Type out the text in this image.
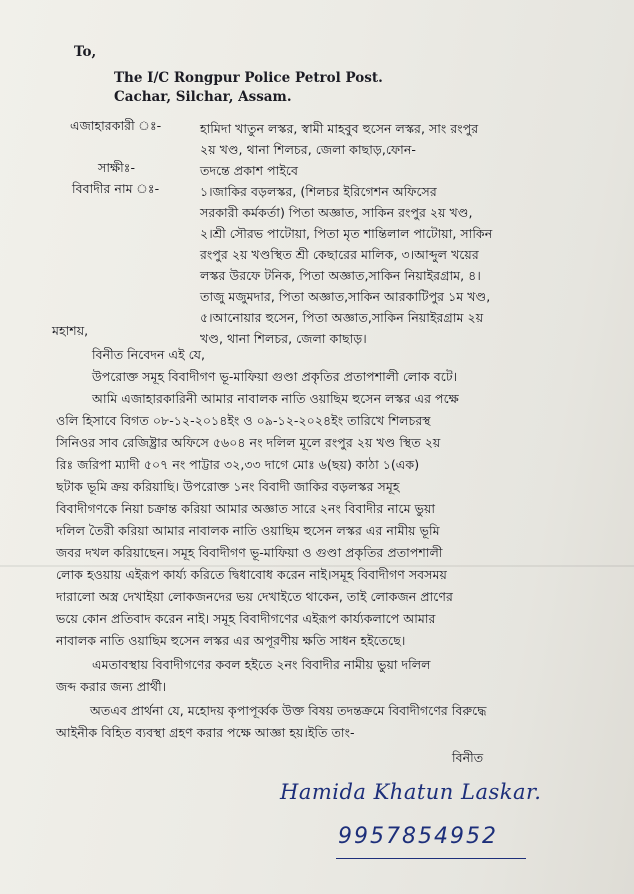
To,
The I/C Rongpur Police Petrol Post.
Cachar, Silchar, Assam.
এজাহারকারী ঃ-	হামিদা খাতুন লস্কর, স্বামী মাহবুব হুসেন লস্কর, সাং রংপুর
২য় খণ্ড, থানা শিলচর, জেলা কাছাড়,ফোন-
সাক্ষীঃ-	তদন্তে প্রকাশ পাইবে
বিবাদীর নাম ঃ-	১।জাকির বড়লস্কর, (শিলচর ইরিগেশন অফিসের
সরকারী কর্মকর্তা) পিতা অজ্ঞাত, সাকিন রংপুর ২য় খণ্ড,
২।শ্রী সৌরভ পাটোয়া, পিতা মৃত শান্তিলাল পাটোয়া, সাকিন
রংপুর ২য় খণ্ডস্থিত শ্রী কেছারের মালিক, ৩।আব্দুল খয়ের
লস্কর উরফে টনিক, পিতা অজ্ঞাত,সাকিন নিয়াইরগ্রাম, ৪।
তাজু মজুমদার, পিতা অজ্ঞাত,সাকিন আরকাটিপুর ১ম খণ্ড,
৫।আনোয়ার হুসেন, পিতা অজ্ঞাত,সাকিন নিয়াইরগ্রাম ২য়
খণ্ড, থানা শিলচর, জেলা কাছাড়।
মহাশয়,
বিনীত নিবেদন এই যে,
উপরোক্ত সমূহ বিবাদীগণ ভূ-মাফিয়া গুণ্ডা প্রকৃতির প্রতাপশালী লোক বটে।
আমি এজাহারকারিনী আমার নাবালক নাতি ওয়াছিম হুসেন লস্কর এর পক্ষে
ওলি হিসাবে বিগত ০৮-১২-২০১৪ইং ও ০৯-১২-২০২৪ইং তারিখে শিলচরস্থ
সিনিওর সাব রেজিষ্ট্রার অফিসে ৫৬০৪ নং দলিল মূলে রংপুর ২য় খণ্ড স্থিত ২য়
রিঃ জরিপা ম্যাদী ৫০৭ নং পাট্টার ৩২,৩৩ দাগে মোঃ ৬(ছয়) কাঠা ১(এক)
ছটাক ভূমি ক্রয় করিয়াছি। উপরোক্ত ১নং বিবাদী জাকির বড়লস্কর সমূহ
বিবাদীগণকে নিয়া চক্রান্ত করিয়া আমার অজ্ঞাত সারে ২নং বিবাদীর নামে ভুয়া
দলিল তৈরী করিয়া আমার নাবালক নাতি ওয়াছিম হুসেন লস্কর এর নামীয় ভূমি
জবর দখল করিয়াছেন। সমূহ বিবাদীগণ ভূ-মাফিয়া ও গুণ্ডা প্রকৃতির প্রতাপশালী
লোক হওয়ায় এইরূপ কার্য্য করিতে দ্বিধাবোধ করেন নাই।সমূহ বিবাদীগণ সবসময়
দারালো অস্ত্র দেখাইয়া লোকজনদের ভয় দেখাইতে থাকেন, তাই লোকজন প্রাণের
ভয়ে কোন প্রতিবাদ করেন নাই। সমূহ বিবাদীগণের এইরূপ কার্য্যকলাপে আমার
নাবালক নাতি ওয়াছিম হুসেন লস্কর এর অপূরণীয় ক্ষতি সাধন হইতেছে।
এমতাবস্থায় বিবাদীগণের কবল হইতে ২নং বিবাদীর নামীয় ভুয়া দলিল
জব্দ করার জন্য প্রার্থী।
অতএব প্রার্থনা যে, মহোদয় কৃপাপূর্ব্বক উক্ত বিষয় তদন্তক্রমে বিবাদীগণের বিরুদ্ধে
আইনীক বিহিত ব্যবস্থা গ্রহণ করার পক্ষে আজ্ঞা হয়।ইতি তাং-
বিনীত
Hamida Khatun Laskar.
9957854952
